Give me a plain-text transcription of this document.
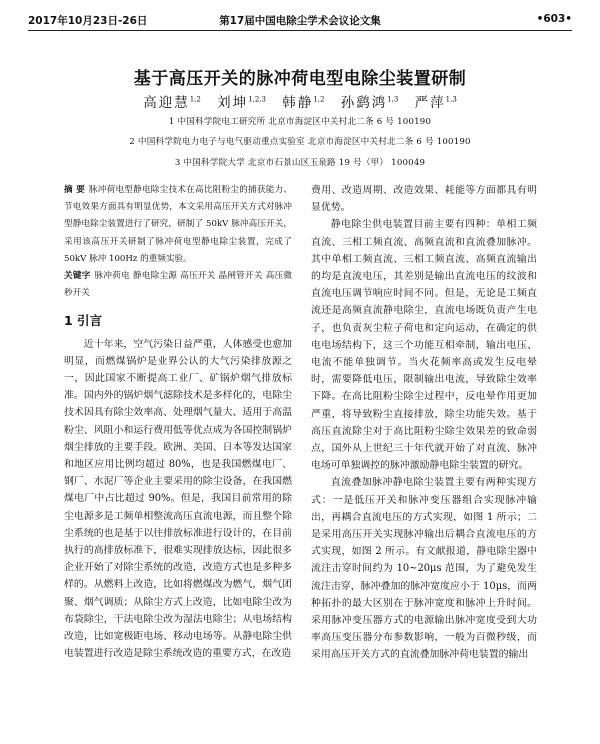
2017年10月23日-26日	第17届中国电除尘学术会议论文集	•603•
基于高压开关的脉冲荷电型电除尘装置研制
高迎慧$^{1,2}$ 刘坤$^{1,2,3}$ 韩静$^{1,2}$ 孙鹞鸿$^{1,3}$ 严萍$^{1,3}$
1 中国科学院电工研究所 北京市海淀区中关村北二条 6 号 100190
2 中国科学院电力电子与电气驱动重点实验室 北京市海淀区中关村北二条 6 号 100190
3 中国科学院大学 北京市石景山区玉泉路 19 号（甲） 100049

摘 要 脉冲荷电型静电除尘技术在高比阻粉尘的捕获能力、节电效果方面具有明显优势，本文采用高压开关方式对脉冲型静电除尘装置进行了研究，研制了 50kV 脉冲高压开关，采用该高压开关研制了脉冲荷电型静电除尘装置，完成了 50kV 脉冲 100Hz 的重频实验。

关键字 脉冲荷电 静电除尘源 高压开关 晶闸管开关 高压微秒开关

1 引言

近十年来，空气污染日益严重，人体感受也愈加明显，而燃煤锅炉是业界公认的大气污染排放源之一，因此国家不断提高工业厂、矿锅炉烟气排放标准。国内外的锅炉烟气滤除技术是多样化的，电除尘技术因具有除尘效率高、处理烟气量大、适用于高温粉尘、风阻小和运行费用低等优点成为各国控制锅炉烟尘排放的主要手段。欧洲、美国、日本等发达国家和地区应用比例均超过 80%，也是我国燃煤电厂、钢厂、水泥厂等企业主要采用的除尘设备，在我国燃煤电厂中占比超过 90%。但是，我国目前常用的除尘电源多是工频单相整流高压直流电源，而且整个除尘系统的也是基于以往排放标准进行设计的，在目前执行的高排放标准下，很难实现排放达标，因此很多企业开始了对除尘系统的改造，改造方式也是多种多样的。从燃料上改造，比如将燃煤改为燃气，烟气团聚、烟气调质；从除尘方式上改造，比如电除尘改为布袋除尘，干法电除尘改为湿法电除尘；从电场结构改造，比如宽极距电场、移动电场等。从静电除尘供电装置进行改造是除尘系统改造的重要方式，在改造

费用、改造周期、改造效果、耗能等方面都具有明显优势。

静电除尘供电装置目前主要有四种：单相工频直流、三相工频直流、高频直流和直流叠加脉冲。其中单相工频直流、三相工频直流、高频直流输出的均是直流电压，其差别是输出直流电压的纹波和直流电压调节响应时间不同。但是，无论是工频直流还是高频直流静电除尘，直流电场既负责产生电子，也负责灰尘粒子荷电和定向运动，在确定的供电电场结构下，这三个功能互相牵制，输出电压、电流不能单独调节。当火花频率高或发生反电晕时，需要降低电压，限制输出电流，导致除尘效率下降。在高比阻粉尘除尘过程中，反电晕作用更加严重，将导致粉尘直接排放，除尘功能失效。基于高压直流除尘对于高比阻粉尘除尘效果差的致命弱点，国外从上世纪三十年代就开始了对直流、脉冲电场可单独调控的脉冲激励静电除尘装置的研究。

直流叠加脉冲静电除尘装置主要有两种实现方式：一是低压开关和脉冲变压器组合实现脉冲输出，再耦合直流电压的方式实现，如图 1 所示；二是采用高压开关实现脉冲输出后耦合直流电压的方式实现，如图 2 所示。有文献报道，静电除尘器中流注击穿时间约为 10~20μs 范围，为了避免发生流注击穿，脉冲叠加的脉冲宽度应小于 10μs，而两种拓扑的最大区别在于脉冲宽度和脉冲上升时间。采用脉冲变压器方式的电源输出脉冲宽度受到大功率高压变压器分布参数影响，一般为百微秒级，而采用高压开关方式的直流叠加脉冲荷电装置的输出
